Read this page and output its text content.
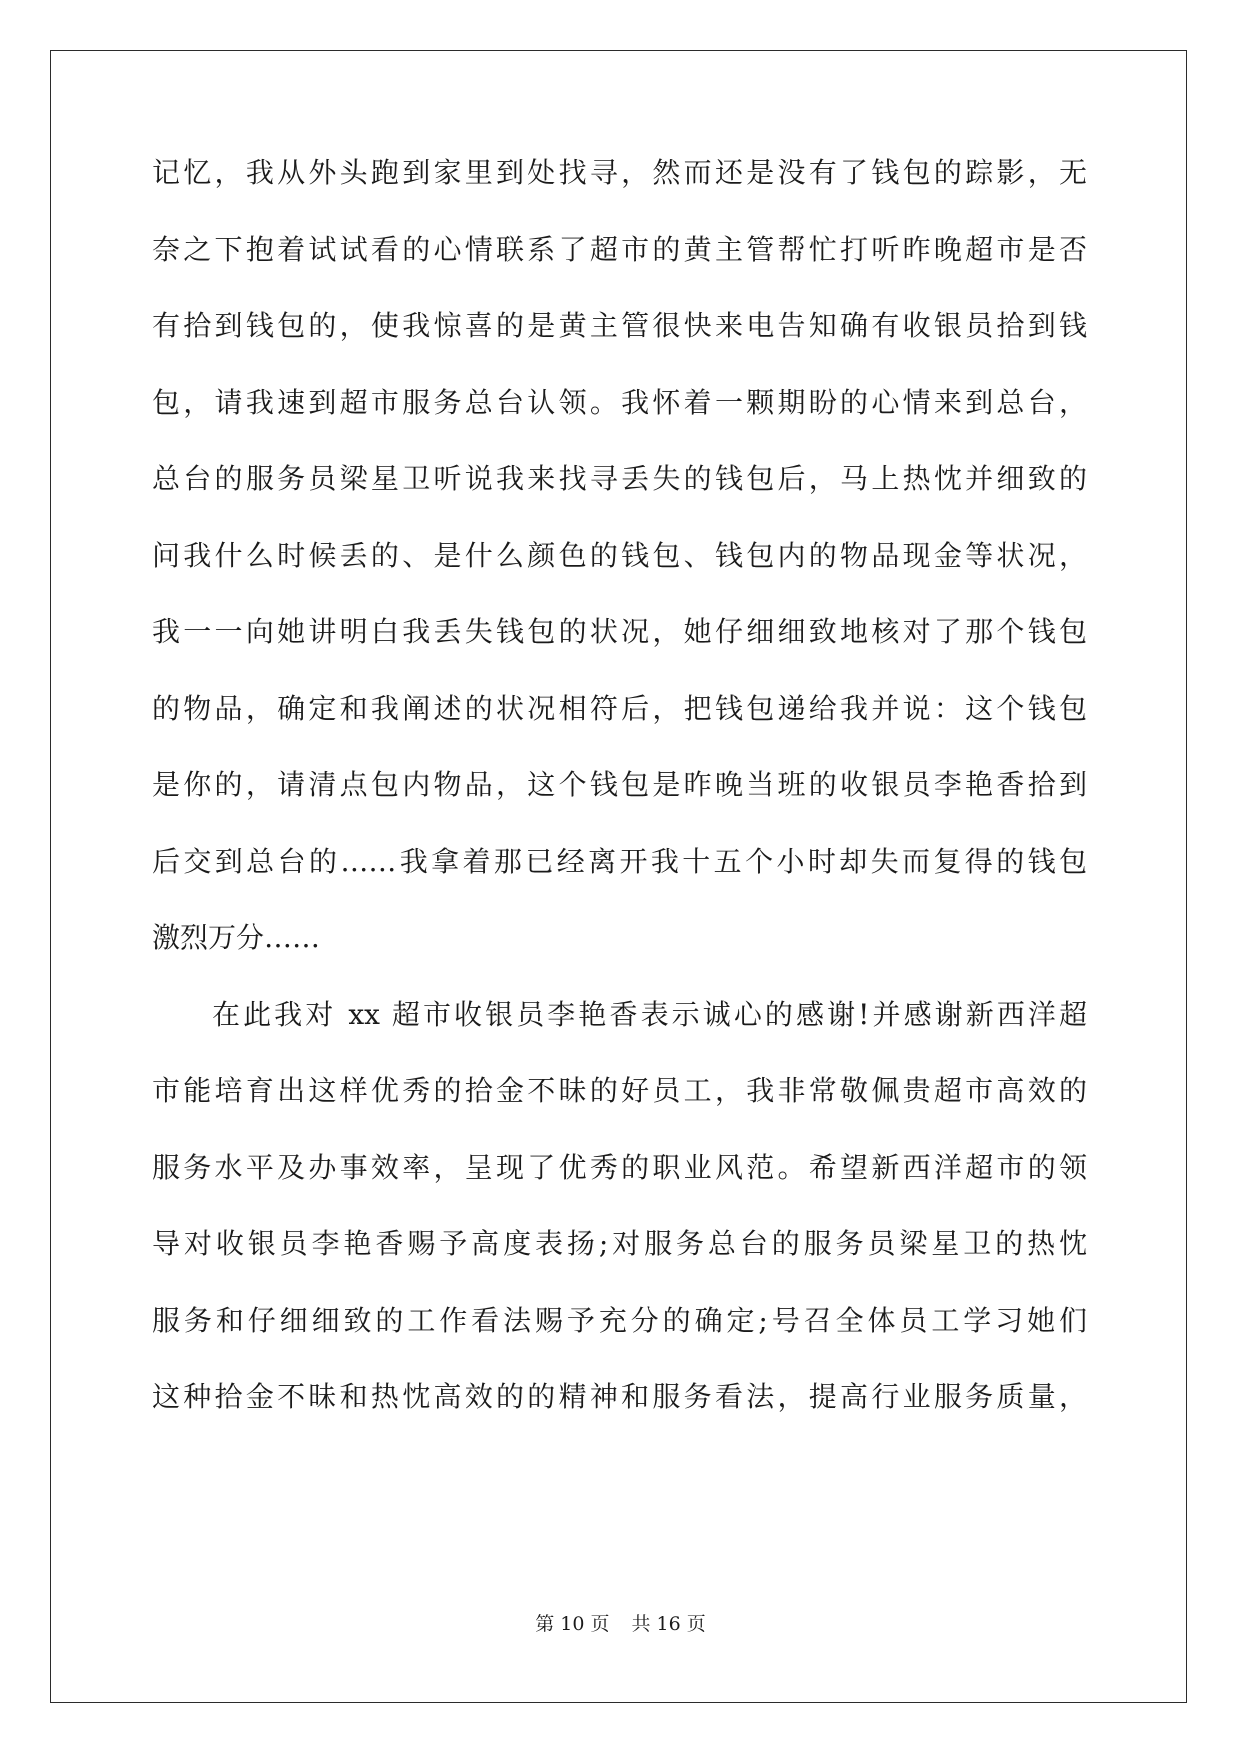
记忆，我从外头跑到家里到处找寻，然而还是没有了钱包的踪影，无
奈之下抱着试试看的心情联系了超市的黄主管帮忙打听昨晚超市是否
有拾到钱包的，使我惊喜的是黄主管很快来电告知确有收银员拾到钱
包，请我速到超市服务总台认领。我怀着一颗期盼的心情来到总台，
总台的服务员梁星卫听说我来找寻丢失的钱包后，马上热忱并细致的
问我什么时候丢的、是什么颜色的钱包、钱包内的物品现金等状况，
我一一向她讲明白我丢失钱包的状况，她仔细细致地核对了那个钱包
的物品，确定和我阐述的状况相符后，把钱包递给我并说：这个钱包
是你的，请清点包内物品，这个钱包是昨晚当班的收银员李艳香拾到
后交到总台的……我拿着那已经离开我十五个小时却失而复得的钱包
激烈万分……
在此我对 xx 超市收银员李艳香表示诚心的感谢!并感谢新西洋超
市能培育出这样优秀的拾金不昧的好员工，我非常敬佩贵超市高效的
服务水平及办事效率，呈现了优秀的职业风范。希望新西洋超市的领
导对收银员李艳香赐予高度表扬;对服务总台的服务员梁星卫的热忱
服务和仔细细致的工作看法赐予充分的确定;号召全体员工学习她们
这种拾金不昧和热忱高效的的精神和服务看法，提高行业服务质量，
第 10 页 共 16 页
